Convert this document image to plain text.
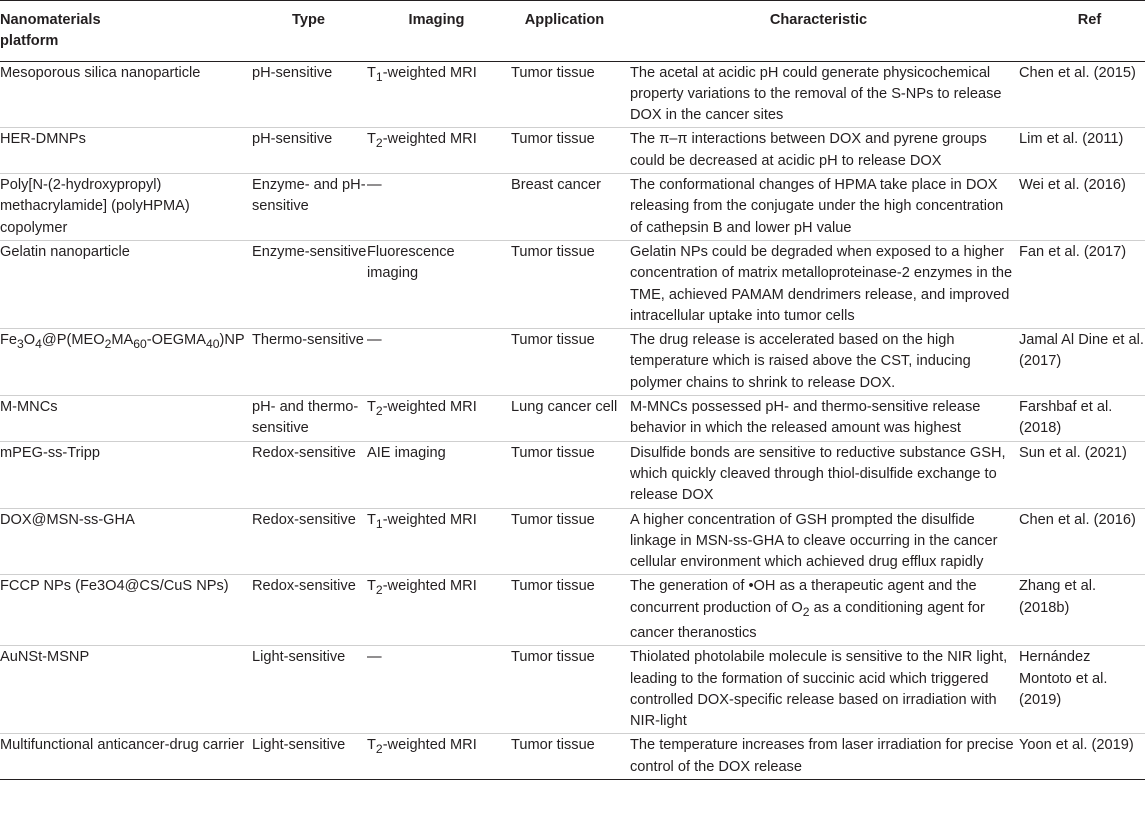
Nanomaterials
platform	Type	Imaging	Application	Characteristic	Ref

Mesoporous silica nanoparticle	pH-sensitive	$T_1$-weighted MRI	Tumor tissue	The acetal at acidic pH could generate physicochemical property variations to the removal of the S-NPs to release DOX in the cancer sites	Chen et al. (2015)

HER-DMNPs	pH-sensitive	$T_2$-weighted MRI	Tumor tissue	The π–π interactions between DOX and pyrene groups could be decreased at acidic pH to release DOX	Lim et al. (2011)

Poly[N-(2-hydroxypropyl) methacrylamide] (polyHPMA) copolymer	Enzyme- and pH-sensitive	—	Breast cancer	The conformational changes of HPMA take place in DOX releasing from the conjugate under the high concentration of cathepsin B and lower pH value	Wei et al. (2016)

Gelatin nanoparticle	Enzyme-sensitive	Fluorescence imaging	Tumor tissue	Gelatin NPs could be degraded when exposed to a higher concentration of matrix metalloproteinase-2 enzymes in the TME, achieved PAMAM dendrimers release, and improved intracellular uptake into tumor cells	Fan et al. (2017)

$Fe_3O_4@P(MEO_2MA_{60}-OEGMA_{40})NP$	Thermo-sensitive	—	Tumor tissue	The drug release is accelerated based on the high temperature which is raised above the CST, inducing polymer chains to shrink to release DOX.	Jamal Al Dine et al. (2017)

M-MNCs	pH- and thermo-sensitive	$T_2$-weighted MRI	Lung cancer cell	M-MNCs possessed pH- and thermo-sensitive release behavior in which the released amount was highest	Farshbaf et al. (2018)

mPEG-ss-Tripp	Redox-sensitive	AIE imaging	Tumor tissue	Disulfide bonds are sensitive to reductive substance GSH, which quickly cleaved through thiol-disulfide exchange to release DOX	Sun et al. (2021)

DOX@MSN-ss-GHA	Redox-sensitive	$T_1$-weighted MRI	Tumor tissue	A higher concentration of GSH prompted the disulfide linkage in MSN-ss-GHA to cleave occurring in the cancer cellular environment which achieved drug efflux rapidly	Chen et al. (2016)

FCCP NPs (Fe3O4@CS/CuS NPs)	Redox-sensitive	$T_2$-weighted MRI	Tumor tissue	The generation of •OH as a therapeutic agent and the concurrent production of $O_2$ as a conditioning agent for cancer theranostics	Zhang et al. (2018b)

AuNSt-MSNP	Light-sensitive	—	Tumor tissue	Thiolated photolabile molecule is sensitive to the NIR light, leading to the formation of succinic acid which triggered controlled DOX-specific release based on irradiation with NIR-light	Hernández Montoto et al. (2019)

Multifunctional anticancer-drug carrier	Light-sensitive	$T_2$-weighted MRI	Tumor tissue	The temperature increases from laser irradiation for precise control of the DOX release	Yoon et al. (2019)
